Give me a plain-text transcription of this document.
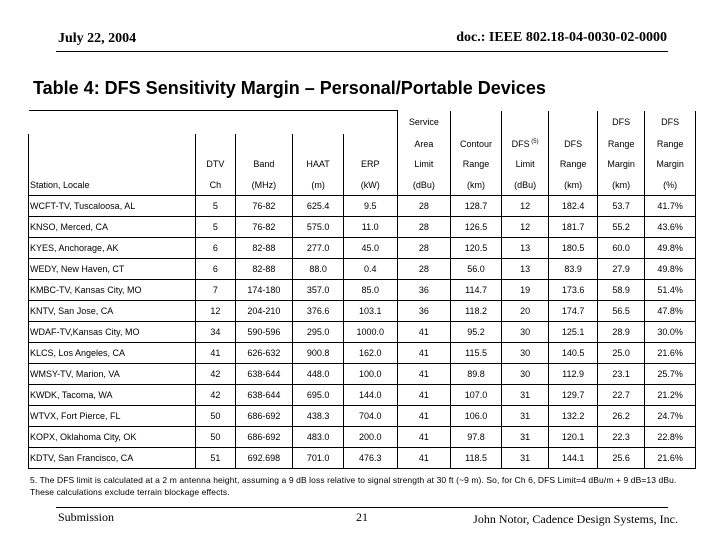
July 22, 2004	doc.: IEEE 802.18-04-0030-02-0000
Table 4: DFS Sensitivity Margin – Personal/Portable Devices
					Service				DFS	DFS
					Area	Contour	DFS $^{(5)}$	DFS	Range	Range
	DTV	Band	HAAT	ERP	Limit	Range	Limit	Range	Margin	Margin
Station, Locale	Ch	(MHz)	(m)	(kW)	(dBu)	(km)	(dBu)	(km)	(km)	(%)
WCFT-TV, Tuscaloosa, AL	5	76-82	625.4	9.5	28	128.7	12	182.4	53.7	41.7%
KNSO, Merced, CA	5	76-82	575.0	11.0	28	126.5	12	181.7	55.2	43.6%
KYES, Anchorage, AK	6	82-88	277.0	45.0	28	120.5	13	180.5	60.0	49.8%
WEDY, New Haven, CT	6	82-88	88.0	0.4	28	56.0	13	83.9	27.9	49.8%
KMBC-TV, Kansas City, MO	7	174-180	357.0	85.0	36	114.7	19	173.6	58.9	51.4%
KNTV, San Jose, CA	12	204-210	376.6	103.1	36	118.2	20	174.7	56.5	47.8%
WDAF-TV,Kansas City, MO	34	590-596	295.0	1000.0	41	95.2	30	125.1	28.9	30.0%
KLCS, Los Angeles, CA	41	626-632	900.8	162.0	41	115.5	30	140.5	25.0	21.6%
WMSY-TV, Marion, VA	42	638-644	448.0	100.0	41	89.8	30	112.9	23.1	25.7%
KWDK, Tacoma, WA	42	638-644	695.0	144.0	41	107.0	31	129.7	22.7	21.2%
WTVX, Fort Pierce, FL	50	686-692	438.3	704.0	41	106.0	31	132.2	26.2	24.7%
KOPX, Oklahoma City, OK	50	686-692	483.0	200.0	41	97.8	31	120.1	22.3	22.8%
KDTV, San Francisco, CA	51	692.698	701.0	476.3	41	118.5	31	144.1	25.6	21.6%
5. The DFS limit is calculated at a 2 m antenna height, assuming a 9 dB loss relative to signal strength at 30 ft (~9 m). So, for Ch 6, DFS Limit=4 dBu/m + 9 dB=13 dBu. These calculations exclude terrain blockage effects.
Submission	21	John Notor, Cadence Design Systems, Inc.
